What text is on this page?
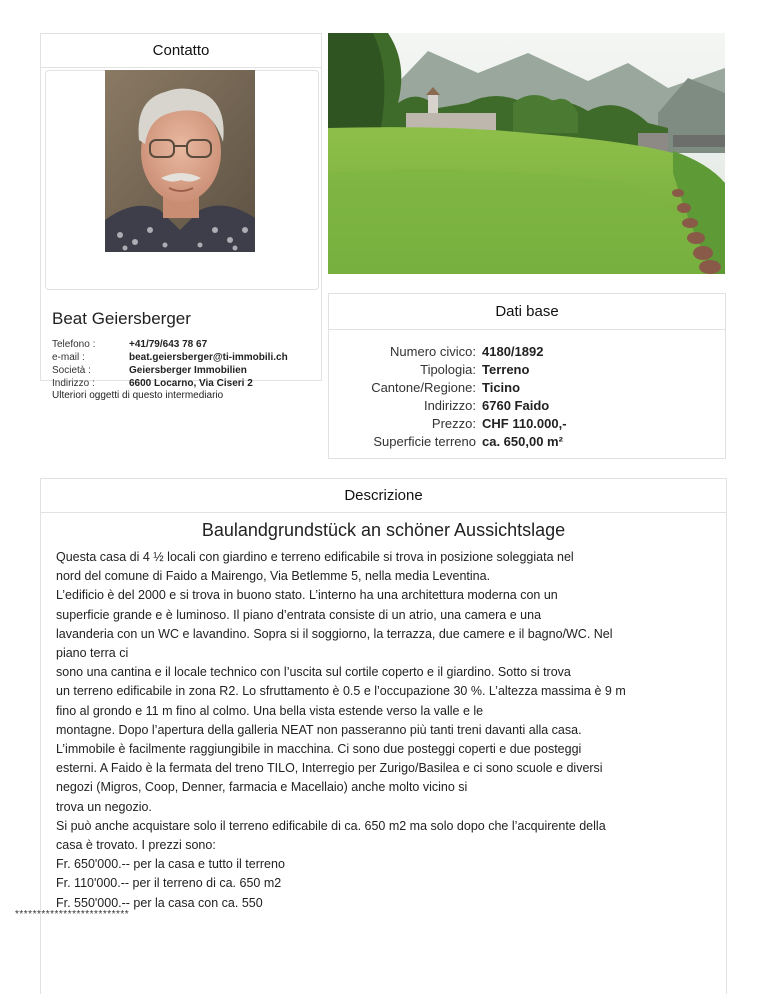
Contatto
Beat Geiersberger
Telefono :	+41/79/643 78 67
e-mail :	beat.geiersberger@ti-immobili.ch
Società :	Geiersberger Immobilien
Indirizzo :	6600 Locarno, Via Ciseri 2
Ulteriori oggetti di questo intermediario
Dati base
Numero civico: 4180/1892
Tipologia: Terreno
Cantone/Regione: Ticino
Indirizzo: 6760 Faido
Prezzo: CHF 110.000,-
Superficie terreno ca. 650,00 m²
Descrizione
Baulandgrundstück an schöner Aussichtslage

Questa casa di 4 ½ locali con giardino e terreno edificabile si trova in posizione soleggiata nel

nord del comune di Faido a Mairengo, Via Betlemme 5, nella media Leventina.

L’edificio è del 2000 e si trova in buono stato. L’interno ha una architettura moderna con un

superficie grande e è luminoso. Il piano d’entrata consiste di un atrio, una camera e una

lavanderia con un WC e lavandino. Sopra si il soggiorno, la terrazza, due camere e il bagno/WC. Nel

piano terra ci

sono una cantina e il locale technico con l’uscita sul cortile coperto e il giardino. Sotto si trova

un terreno edificabile in zona R2. Lo sfruttamento è 0.5 e l’occupazione 30 %. L’altezza massima è 9 m

fino al grondo e 11 m fino al colmo. Una bella vista estende verso la valle e le

montagne. Dopo l’apertura della galleria NEAT non passeranno più tanti treni davanti alla casa.

L’immobile è facilmente raggiungibile in macchina. Ci sono due posteggi coperti e due posteggi

esterni. A Faido è la fermata del treno TILO, Interregio per Zurigo/Basilea e ci sono scuole e diversi

negozi (Migros, Coop, Denner, farmacia e Macellaio) anche molto vicino si

trova un negozio.

Si può anche acquistare solo il terreno edificabile di ca. 650 m2 ma solo dopo che l’acquirente della

casa è trovato. I prezzi sono:

Fr. 650'000.-- per la casa e tutto il terreno

Fr. 110'000.-- per il terreno di ca. 650 m2

Fr. 550'000.-- per la casa con ca. 550

**************************
